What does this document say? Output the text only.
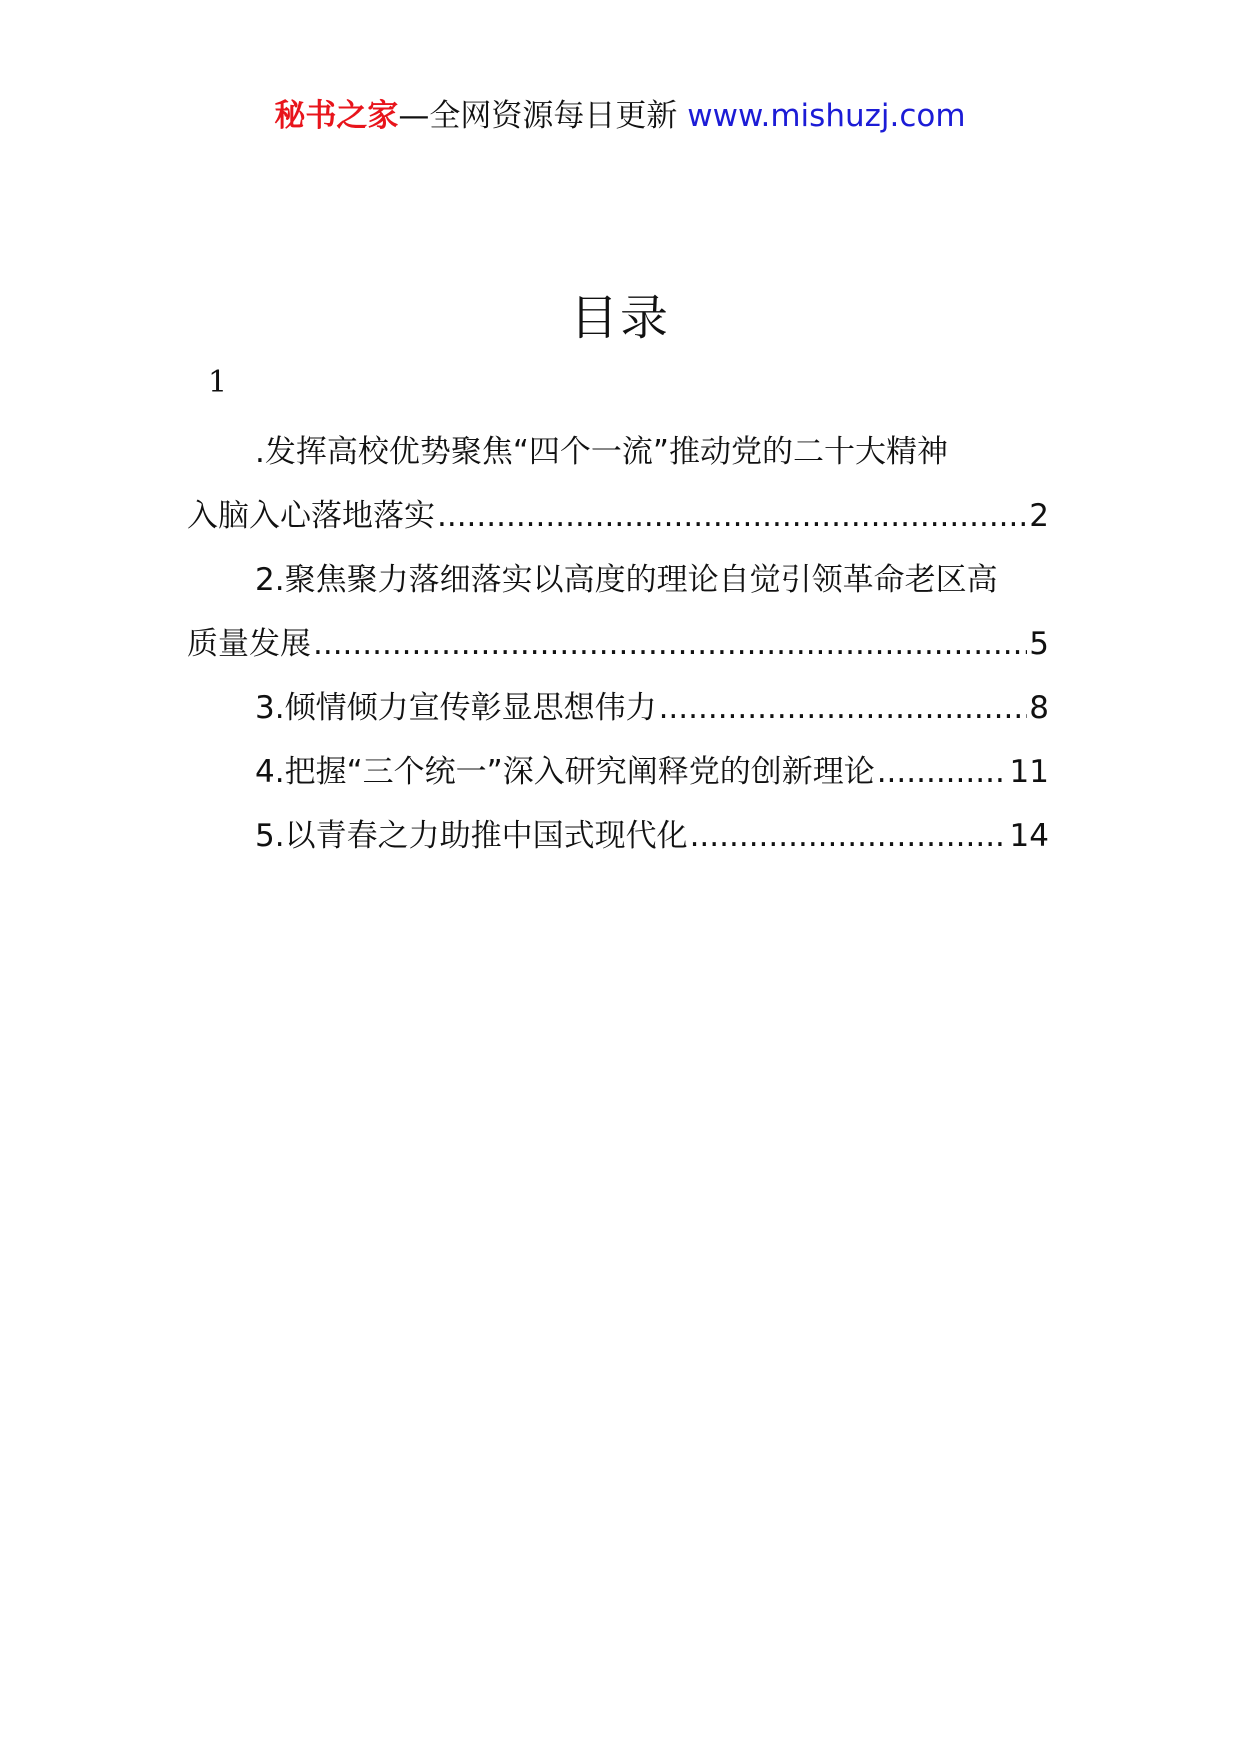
秘书之家—全网资源每日更新 www.mishuzj.com
目录
1
.发挥高校优势聚焦“四个一流”推动党的二十大精神
入脑入心落地落实 .....	2
2.聚焦聚力落细落实以高度的理论自觉引领革命老区高
质量发展 .....	5
3.倾情倾力宣传彰显思想伟力 .....	8
4.把握“三个统一”深入研究阐释党的创新理论 .....	11
5.以青春之力助推中国式现代化 .....	14
